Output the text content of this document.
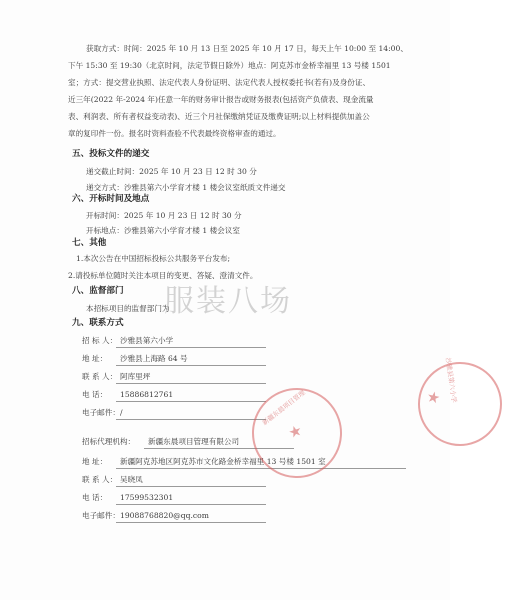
获取方式：时间：2025 年 10 月 13 日至 2025 年 10 月 17 日，每天上午 10:00 至 14:00、
下午 15:30 至 19:30（北京时间，法定节假日除外）地点：阿克苏市金桥幸福里 13 号楼 1501
室；方式：提交营业执照、法定代表人身份证明、法定代表人授权委托书(若有)及身份证、
近三年(2022 年-2024 年)任意一年的财务审计报告或财务报表(包括资产负债表、现金流量
表、利润表、所有者权益变动表)、近三个月社保缴纳凭证及缴费证明;以上材料提供加盖公
章的复印件一份。报名时资料查验不代表最终资格审查的通过。
五、投标文件的递交
递交截止时间：2025 年 10 月 23 日 12 时 30 分
递交方式：沙雅县第六小学育才楼 1 楼会议室纸质文件递交
六、开标时间及地点
开标时间：2025 年 10 月 23 日 12 时 30 分
开标地点：沙雅县第六小学育才楼 1 楼会议室
七、其他
1.本次公告在中国招标投标公共服务平台发布;
2.请投标单位随时关注本项目的变更、答疑、澄清文件。
八、监督部门
本招标项目的监督部门为
服装八场
九、联系方式
招 标 人： 沙雅县第六小学
地 址： 沙雅县上海路 64 号
联 系 人： 阿库里坪
电 话： 15886812761
电子邮件： /
招标代理机构： 新疆东晨项目管理有限公司
地 址： 新疆阿克苏地区阿克苏市文化路金桥幸福里 13 号楼 1501 室
联 系 人： 吴晓凤
电 话： 17599532301
电子邮件： 19088768820@qq.com
新疆东晨项目管理
★
沙雅县第六小学
★
